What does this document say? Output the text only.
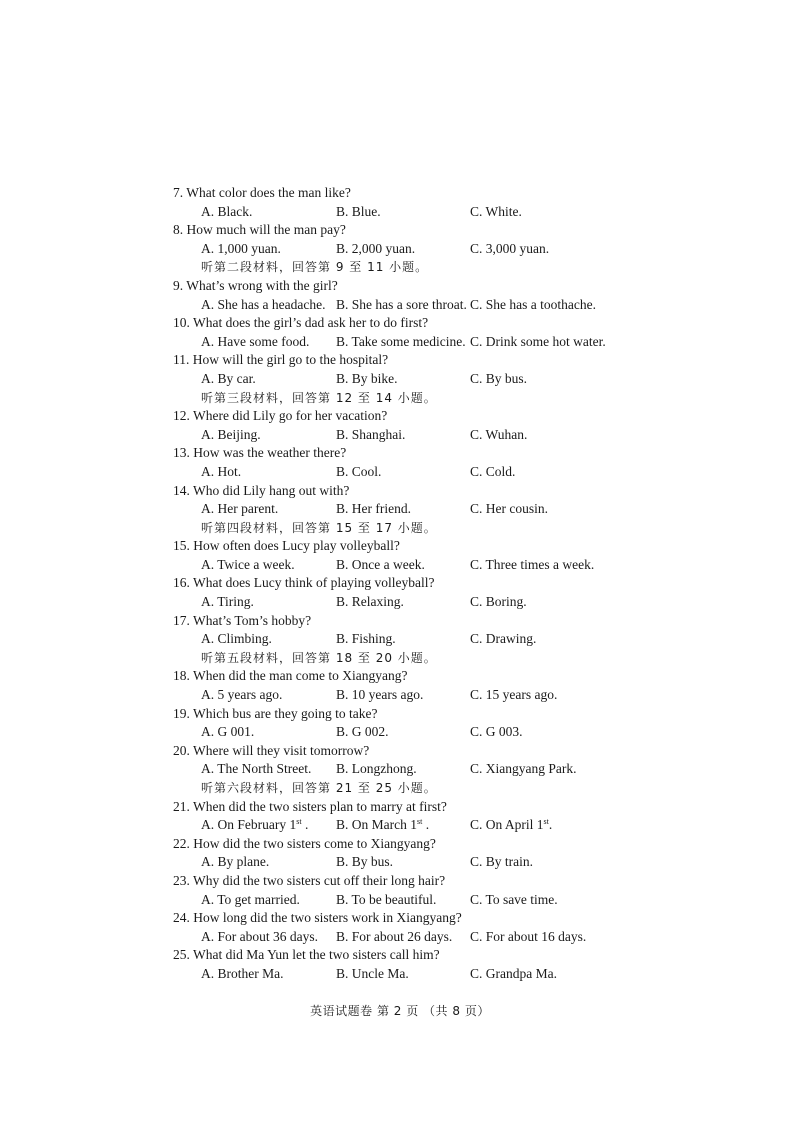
7. What color does the man like?
A. Black.	B. Blue.	C. White.
8. How much will the man pay?
A. 1,000 yuan.	B. 2,000 yuan.	C. 3,000 yuan.
听第二段材料，回答第 9 至 11 小题。
9. What’s wrong with the girl?
A. She has a headache. B. She has a sore throat. C. She has a toothache.
10. What does the girl’s dad ask her to do first?
A. Have some food. B. Take some medicine. C. Drink some hot water.
11. How will the girl go to the hospital?
A. By car.	B. By bike.	C. By bus.
听第三段材料，回答第 12 至 14 小题。
12. Where did Lily go for her vacation?
A. Beijing.	B. Shanghai.	C. Wuhan.
13. How was the weather there?
A. Hot.	B. Cool.	C. Cold.
14. Who did Lily hang out with?
A. Her parent.	B. Her friend.	C. Her cousin.
听第四段材料，回答第 15 至 17 小题。
15. How often does Lucy play volleyball?
A. Twice a week.	B. Once a week.	C. Three times a week.
16. What does Lucy think of playing volleyball?
A. Tiring.	B. Relaxing.	C. Boring.
17. What’s Tom’s hobby?
A. Climbing.	B. Fishing.	C. Drawing.
听第五段材料，回答第 18 至 20 小题。
18. When did the man come to Xiangyang?
A. 5 years ago.	B. 10 years ago.	C. 15 years ago.
19. Which bus are they going to take?
A. G 001.	B. G 002.	C. G 003.
20. Where will they visit tomorrow?
A. The North Street. B. Longzhong.	C. Xiangyang Park.
听第六段材料，回答第 21 至 25 小题。
21. When did the two sisters plan to marry at first?
A. On February 1st . B. On March 1st .	C. On April 1st.
22. How did the two sisters come to Xiangyang?
A. By plane.	B. By bus.	C. By train.
23. Why did the two sisters cut off their long hair?
A. To get married.	B. To be beautiful. C. To save time.
24. How long did the two sisters work in Xiangyang?
A. For about 36 days. B. For about 26 days. C. For about 16 days.
25. What did Ma Yun let the two sisters call him?
A. Brother Ma.	B. Uncle Ma.	C. Grandpa Ma.
英语试题卷 第 2 页 （共 8 页）
